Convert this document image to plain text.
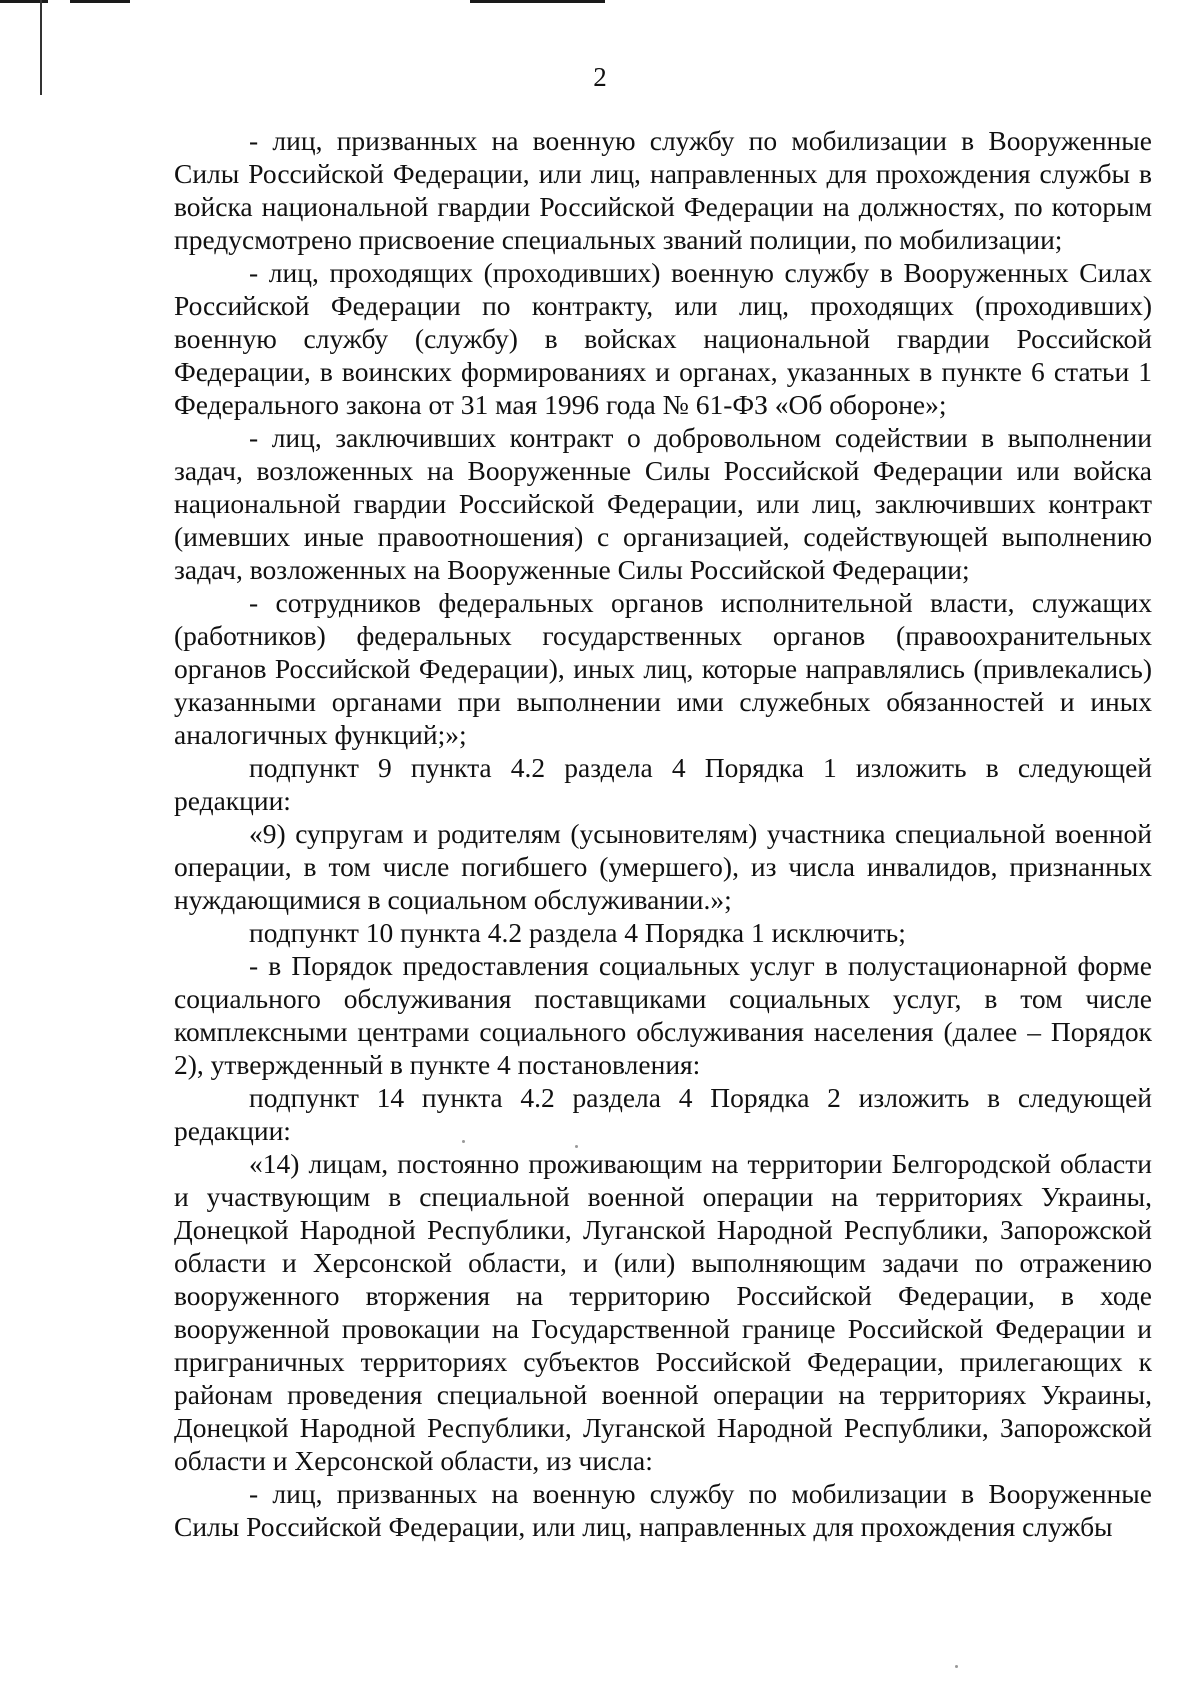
2

- лиц, призванных на военную службу по мобилизации в Вооруженные Силы Российской Федерации, или лиц, направленных для прохождения службы в войска национальной гвардии Российской Федерации на должностях, по которым предусмотрено присвоение специальных званий полиции, по мобилизации;

- лиц, проходящих (проходивших) военную службу в Вооруженных Силах Российской Федерации по контракту, или лиц, проходящих (проходивших) военную службу (службу) в войсках национальной гвардии Российской Федерации, в воинских формированиях и органах, указанных в пункте 6 статьи 1 Федерального закона от 31 мая 1996 года № 61-ФЗ «Об обороне»;

- лиц, заключивших контракт о добровольном содействии в выполнении задач, возложенных на Вооруженные Силы Российской Федерации или войска национальной гвардии Российской Федерации, или лиц, заключивших контракт (имевших иные правоотношения) с организацией, содействующей выполнению задач, возложенных на Вооруженные Силы Российской Федерации;

- сотрудников федеральных органов исполнительной власти, служащих (работников) федеральных государственных органов (правоохранительных органов Российской Федерации), иных лиц, которые направлялись (привлекались) указанными органами при выполнении ими служебных обязанностей и иных аналогичных функций;»;

подпункт 9 пункта 4.2 раздела 4 Порядка 1 изложить в следующей редакции:

«9) супругам и родителям (усыновителям) участника специальной военной операции, в том числе погибшего (умершего), из числа инвалидов, признанных нуждающимися в социальном обслуживании.»;

подпункт 10 пункта 4.2 раздела 4 Порядка 1 исключить;

- в Порядок предоставления социальных услуг в полустационарной форме социального обслуживания поставщиками социальных услуг, в том числе комплексными центрами социального обслуживания населения (далее – Порядок 2), утвержденный в пункте 4 постановления:

подпункт 14 пункта 4.2 раздела 4 Порядка 2 изложить в следующей редакции:

«14) лицам, постоянно проживающим на территории Белгородской области и участвующим в специальной военной операции на территориях Украины, Донецкой Народной Республики, Луганской Народной Республики, Запорожской области и Херсонской области, и (или) выполняющим задачи по отражению вооруженного вторжения на территорию Российской Федерации, в ходе вооруженной провокации на Государственной границе Российской Федерации и приграничных территориях субъектов Российской Федерации, прилегающих к районам проведения специальной военной операции на территориях Украины, Донецкой Народной Республики, Луганской Народной Республики, Запорожской области и Херсонской области, из числа:

- лиц, призванных на военную службу по мобилизации в Вооруженные Силы Российской Федерации, или лиц, направленных для прохождения службы
